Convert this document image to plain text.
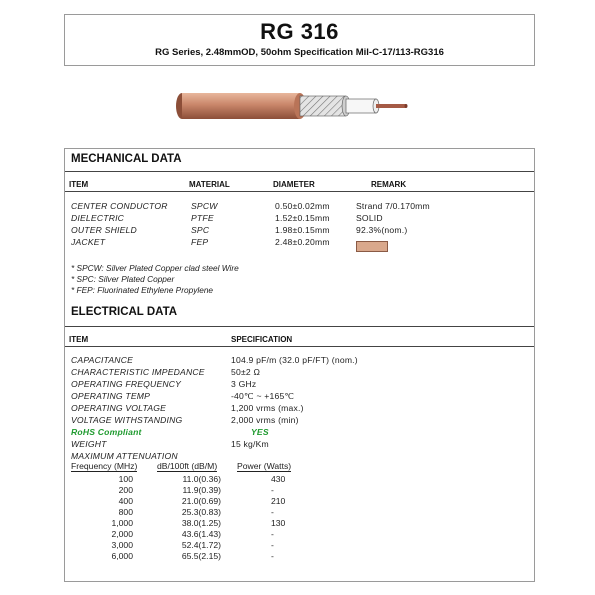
RG 316
RG Series, 2.48mmOD, 50ohm Specification Mil-C-17/113-RG316
MECHANICAL DATA
ITEM	MATERIAL	DIAMETER	REMARK
CENTER CONDUCTOR	SPCW	0.50±0.02mm	Strand 7/0.170mm
DIELECTRIC	PTFE	1.52±0.15mm	SOLID
OUTER SHIELD	SPC	1.98±0.15mm	92.3%(nom.)
JACKET	FEP	2.48±0.20mm
* SPCW: Silver Plated Copper clad steel Wire
* SPC: Silver Plated Copper
* FEP: Fluorinated Ethylene Propylene
ELECTRICAL DATA
ITEM	SPECIFICATION
CAPACITANCE	104.9 pF/m (32.0 pF/FT) (nom.)
CHARACTERISTIC IMPEDANCE	50±2 Ω
OPERATING FREQUENCY	3 GHz
OPERATING TEMP	-40℃ ~ +165℃
OPERATING VOLTAGE	1,200 vrms (max.)
VOLTAGE WITHSTANDING	2,000 vrms (min)
RoHS Compliant	YES
WEIGHT	15 kg/Km
MAXIMUM ATTENUATION
Frequency (MHz) dB/100ft (dB/M) Power (Watts)
100	11.0(0.36)	430
200	11.9(0.39)	-
400	21.0(0.69)	210
800	25.3(0.83)	-
1,000	38.0(1.25)	130
2,000	43.6(1.43)	-
3,000	52.4(1.72)	-
6,000	65.5(2.15)	-
